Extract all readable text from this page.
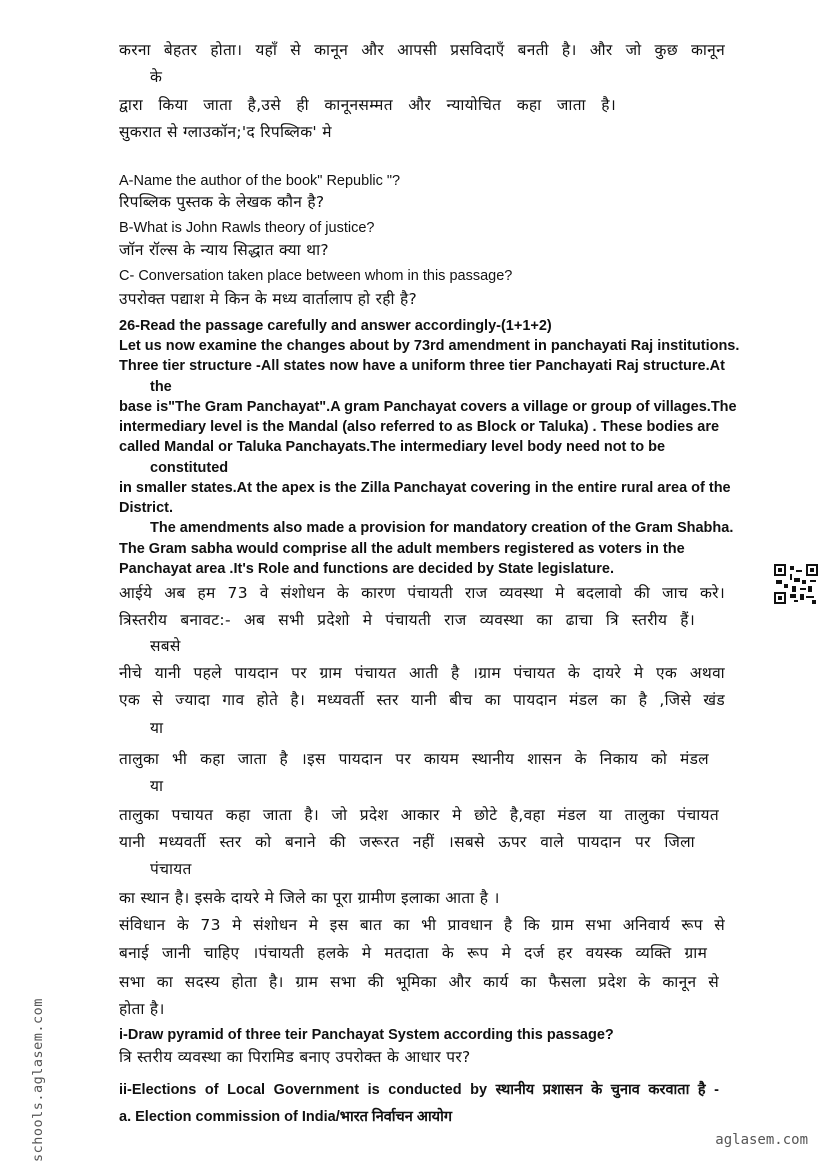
करना बेहतर होता। यहाँ से कानून और आपसी प्रसविदाएँ बनती है। और जो कुछ कानून
के
द्वारा किया जाता है,उसे ही कानूनसम्मत और न्यायोचित कहा जाता है।
सुकरात से ग्लाउकॉन;'द रिपब्लिक' मे
A-Name the author of the book" Republic "?
रिपब्लिक पुस्तक के लेखक कौन है?
B-What is John Rawls theory of justice?
जॉन रॉल्स के न्याय सिद्धात क्या था?
C- Conversation taken place between whom in this passage?
उपरोक्त पद्याश मे किन के मध्य वार्तालाप हो रही है?
26-Read the passage carefully and answer accordingly-(1+1+2)
Let us now examine the changes about by 73rd amendment in panchayati Raj institutions.
Three tier structure -All states now have a uniform three tier Panchayati Raj structure.At
the
base is"The Gram Panchayat".A gram Panchayat covers a village or group of villages.The
intermediary level is the Mandal (also referred to as Block or Taluka) . These bodies are
called Mandal or Taluka Panchayats.The intermediary level body need not to be
constituted
in smaller states.At the apex is the Zilla Panchayat covering in the entire rural area of the
District.
The amendments also made a provision for mandatory creation of the Gram Shabha.
The Gram sabha would comprise all the adult members registered as voters in the
Panchayat area .It's Role and functions are decided by State legislature.
आईये अब हम 73 वे संशोधन के कारण पंचायती राज व्यवस्था मे बदलावो की जाच करे।
त्रिस्तरीय बनावट:- अब सभी प्रदेशो मे पंचायती राज व्यवस्था का ढाचा त्रि स्तरीय हैं।
सबसे
नीचे यानी पहले पायदान पर ग्राम पंचायत आती है ।ग्राम पंचायत के दायरे मे एक अथवा
एक से ज्यादा गाव होते है। मध्यवर्ती स्तर यानी बीच का पायदान मंडल का है ,जिसे खंड
या
तालुका भी कहा जाता है ।इस पायदान पर कायम स्थानीय शासन के निकाय को मंडल
या
तालुका पचायत कहा जाता है। जो प्रदेश आकार मे छोटे है,वहा मंडल या तालुका पंचायत
यानी मध्यवर्ती स्तर को बनाने की जरूरत नहीं ।सबसे ऊपर वाले पायदान पर जिला
पंचायत
का स्थान है। इसके दायरे मे जिले का पूरा ग्रामीण इलाका आता है ।
संविधान के 73 मे संशोधन मे इस बात का भी प्रावधान है कि ग्राम सभा अनिवार्य रूप से
बनाई जानी चाहिए ।पंचायती हलके मे मतदाता के रूप मे दर्ज हर वयस्क व्यक्ति ग्राम
सभा का सदस्य होता है। ग्राम सभा की भूमिका और कार्य का फैसला प्रदेश के कानून से
होता है।
i-Draw pyramid of three teir Panchayat System according this passage?
त्रि स्तरीय व्यवस्था का पिरामिड बनाए उपरोक्त के आधार पर?
ii-Elections of Local Government is conducted by स्थानीय प्रशासन के चुनाव करवाता है -
a. Election commission of India/भारत निर्वाचन आयोग
schools.aglasem.com	aglasem.com
